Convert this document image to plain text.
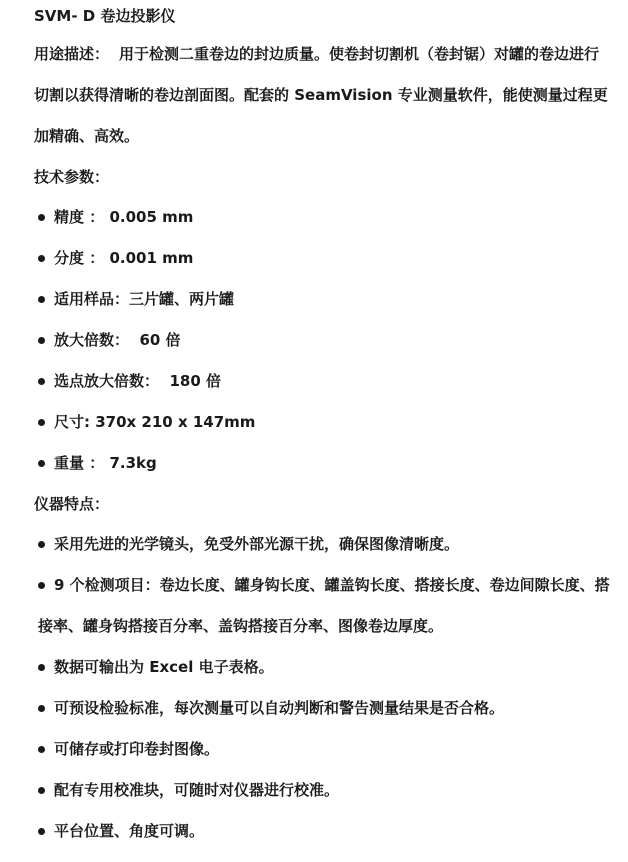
SVM- D 卷边投影仪

用途描述： 用于检测二重卷边的封边质量。使卷封切割机（卷封锯）对罐的卷边进行切割以获得清晰的卷边剖面图。配套的 SeamVision 专业测量软件，能使测量过程更加精确、高效。

技术参数：
精度 ： 0.005 mm
分度 ： 0.001 mm
适用样品：三片罐、两片罐
放大倍数：  60 倍
选点放大倍数：  180 倍
尺寸: 370x 210 x 147mm
重量 ： 7.3kg
仪器特点：
采用先进的光学镜头，免受外部光源干扰，确保图像清晰度。
9 个检测项目：卷边长度、罐身钩长度、罐盖钩长度、搭接长度、卷边间隙长度、搭接率、罐身钩搭接百分率、盖钩搭接百分率、图像卷边厚度。
数据可输出为 Excel 电子表格。
可预设检验标准，每次测量可以自动判断和警告测量结果是否合格。
可储存或打印卷封图像。
配有专用校准块，可随时对仪器进行校准。
平台位置、角度可调。
